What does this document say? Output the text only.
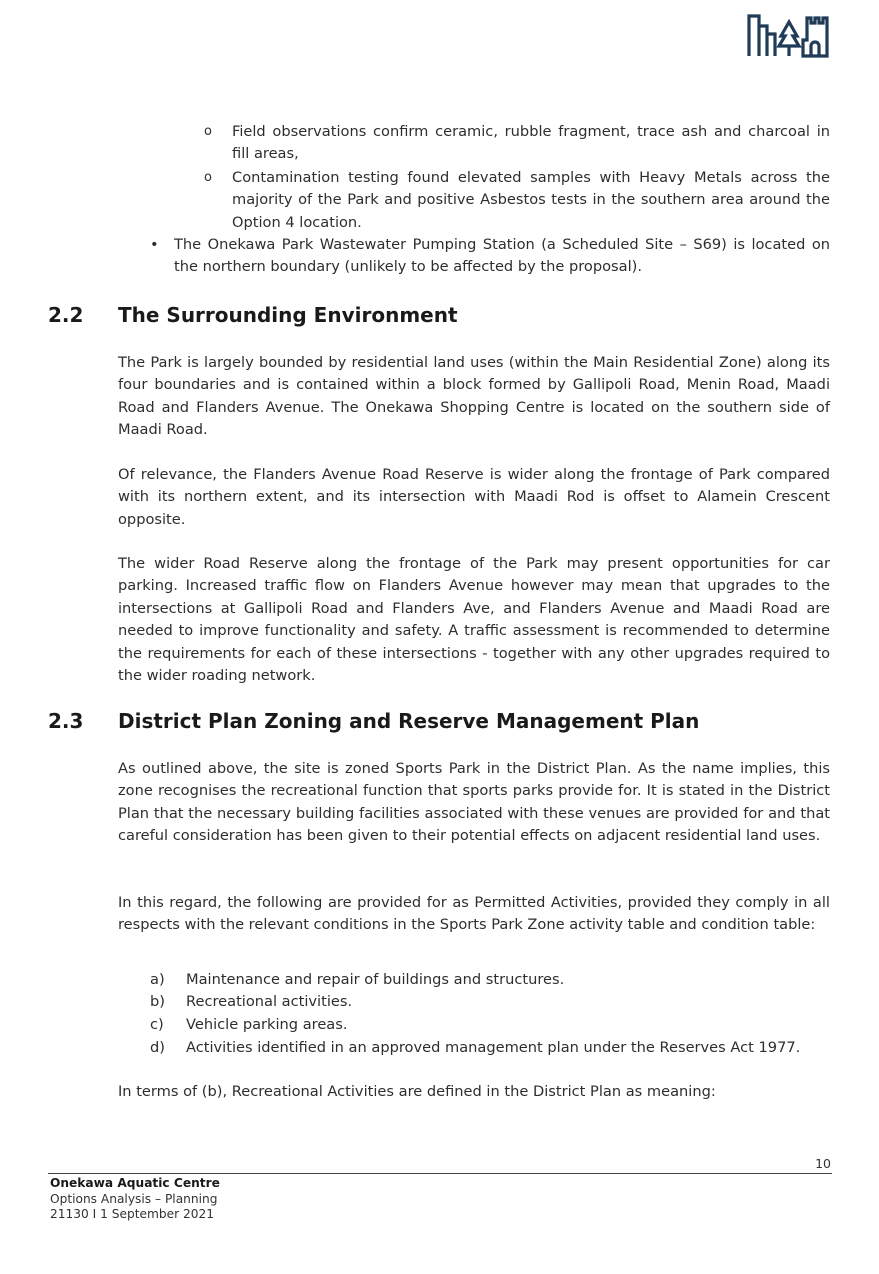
o Field observations confirm ceramic, rubble fragment, trace ash and charcoal in fill areas,
o Contamination testing found elevated samples with Heavy Metals across the majority of the Park and positive Asbestos tests in the southern area around the Option 4 location.
• The Onekawa Park Wastewater Pumping Station (a Scheduled Site – S69) is located on the northern boundary (unlikely to be affected by the proposal).
2.2 The Surrounding Environment

The Park is largely bounded by residential land uses (within the Main Residential Zone) along its four boundaries and is contained within a block formed by Gallipoli Road, Menin Road, Maadi Road and Flanders Avenue. The Onekawa Shopping Centre is located on the southern side of Maadi Road.

Of relevance, the Flanders Avenue Road Reserve is wider along the frontage of Park compared with its northern extent, and its intersection with Maadi Rod is offset to Alamein Crescent opposite.

The wider Road Reserve along the frontage of the Park may present opportunities for car parking. Increased traffic flow on Flanders Avenue however may mean that upgrades to the intersections at Gallipoli Road and Flanders Ave, and Flanders Avenue and Maadi Road are needed to improve functionality and safety. A traffic assessment is recommended to determine the requirements for each of these intersections - together with any other upgrades required to the wider roading network.

2.3 District Plan Zoning and Reserve Management Plan

As outlined above, the site is zoned Sports Park in the District Plan. As the name implies, this zone recognises the recreational function that sports parks provide for. It is stated in the District Plan that the necessary building facilities associated with these venues are provided for and that careful consideration has been given to their potential effects on adjacent residential land uses.

In this regard, the following are provided for as Permitted Activities, provided they comply in all respects with the relevant conditions in the Sports Park Zone activity table and condition table:

a) Maintenance and repair of buildings and structures.
b) Recreational activities.
c) Vehicle parking areas.
d) Activities identified in an approved management plan under the Reserves Act 1977.

In terms of (b), Recreational Activities are defined in the District Plan as meaning:

10
Onekawa Aquatic Centre
Options Analysis – Planning
21130 I 1 September 2021
